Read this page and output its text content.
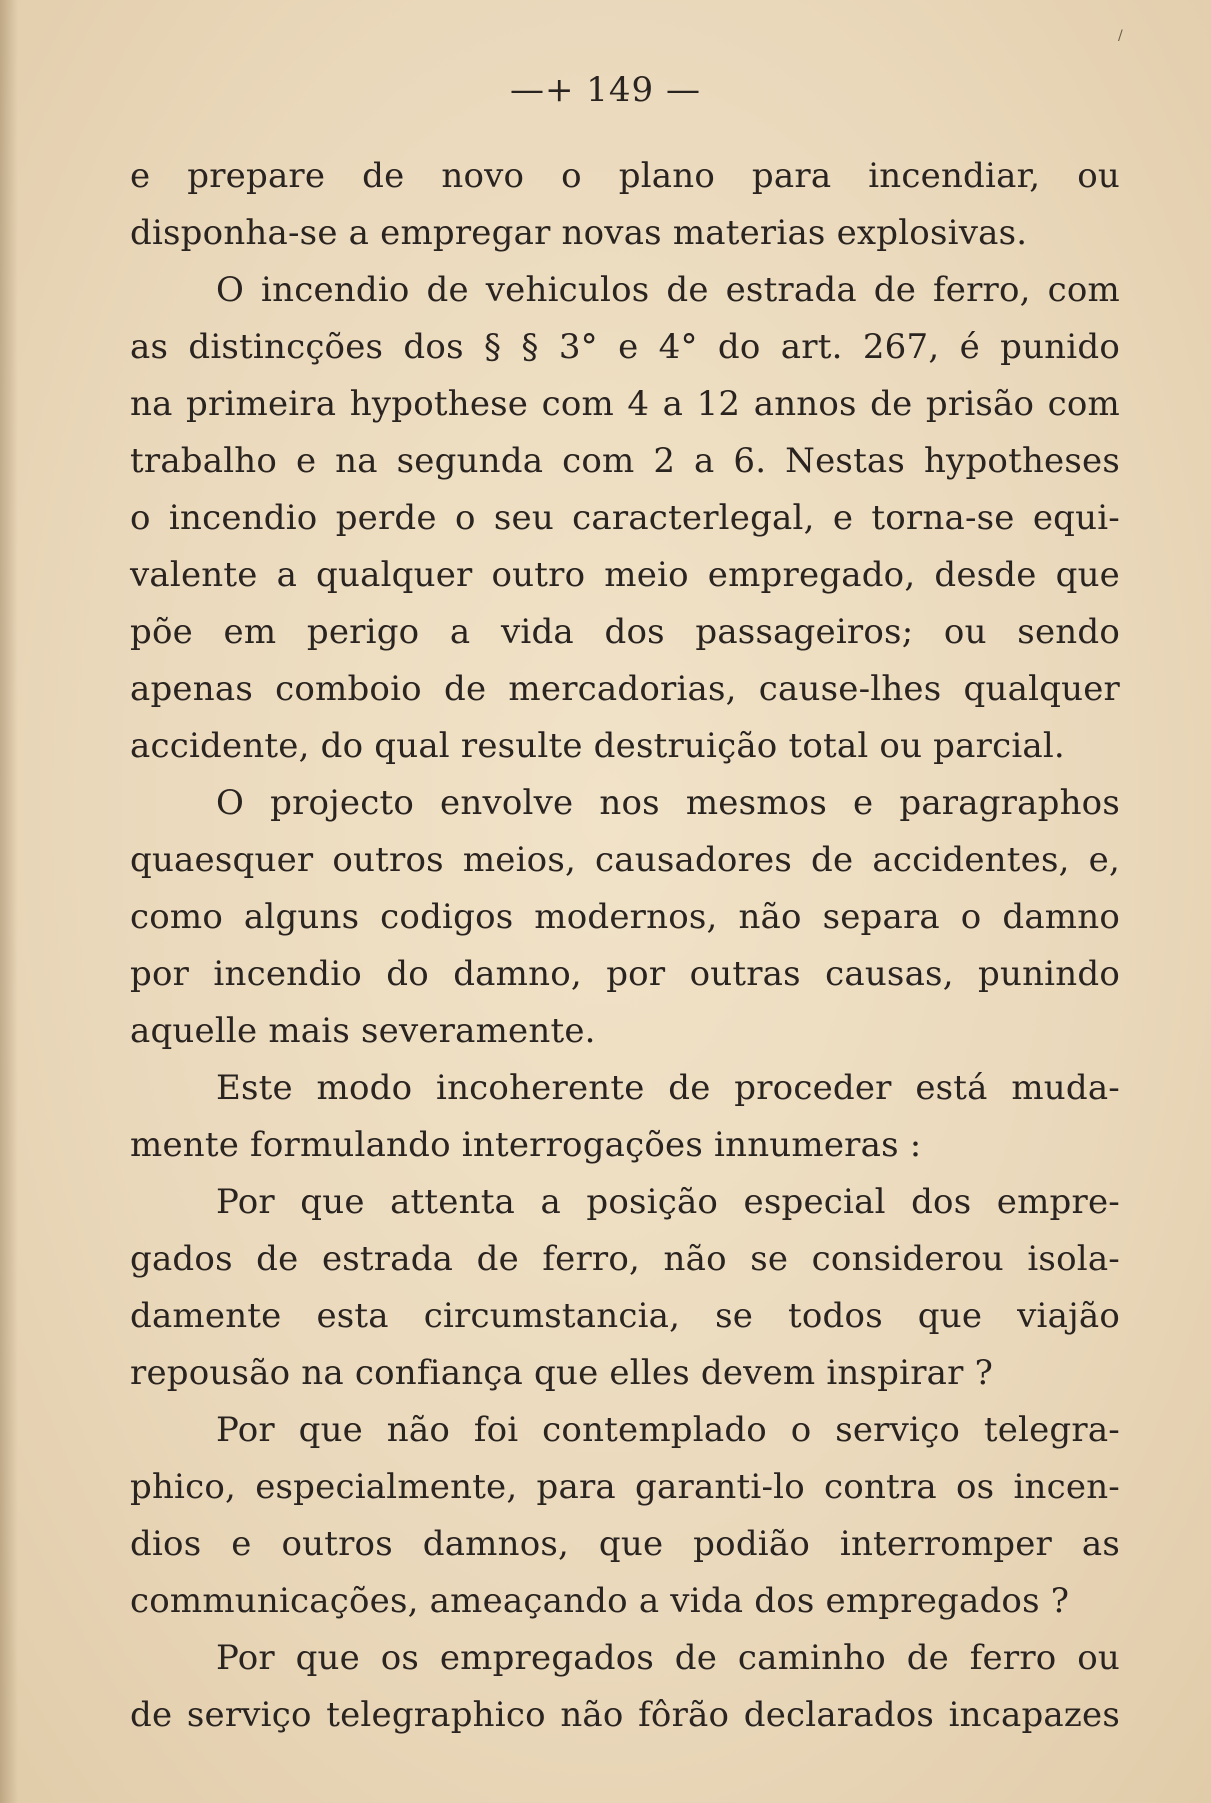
/
—+ 149 —
e prepare de novo o plano para incendiar, ou
disponha-se a empregar novas materias explosivas.
O incendio de vehiculos de estrada de ferro, com
as distincções dos § § 3° e 4° do art. 267, é punido
na primeira hypothese com 4 a 12 annos de prisão com
trabalho e na segunda com 2 a 6. Nestas hypotheses
o incendio perde o seu caracterlegal, e torna-se equi-
valente a qualquer outro meio empregado, desde que
põe em perigo a vida dos passageiros; ou sendo
apenas comboio de mercadorias, cause-lhes qualquer
accidente, do qual resulte destruição total ou parcial.
O projecto envolve nos mesmos e paragraphos
quaesquer outros meios, causadores de accidentes, e,
como alguns codigos modernos, não separa o damno
por incendio do damno, por outras causas, punindo
aquelle mais severamente.
Este modo incoherente de proceder está muda-
mente formulando interrogações innumeras :
Por que attenta a posição especial dos empre-
gados de estrada de ferro, não se considerou isola-
damente esta circumstancia, se todos que viajão
repousão na confiança que elles devem inspirar ?
Por que não foi contemplado o serviço telegra-
phico, especialmente, para garanti-lo contra os incen-
dios e outros damnos, que podião interromper as
communicações, ameaçando a vida dos empregados ?
Por que os empregados de caminho de ferro ou
de serviço telegraphico não fôrão declarados incapazes
